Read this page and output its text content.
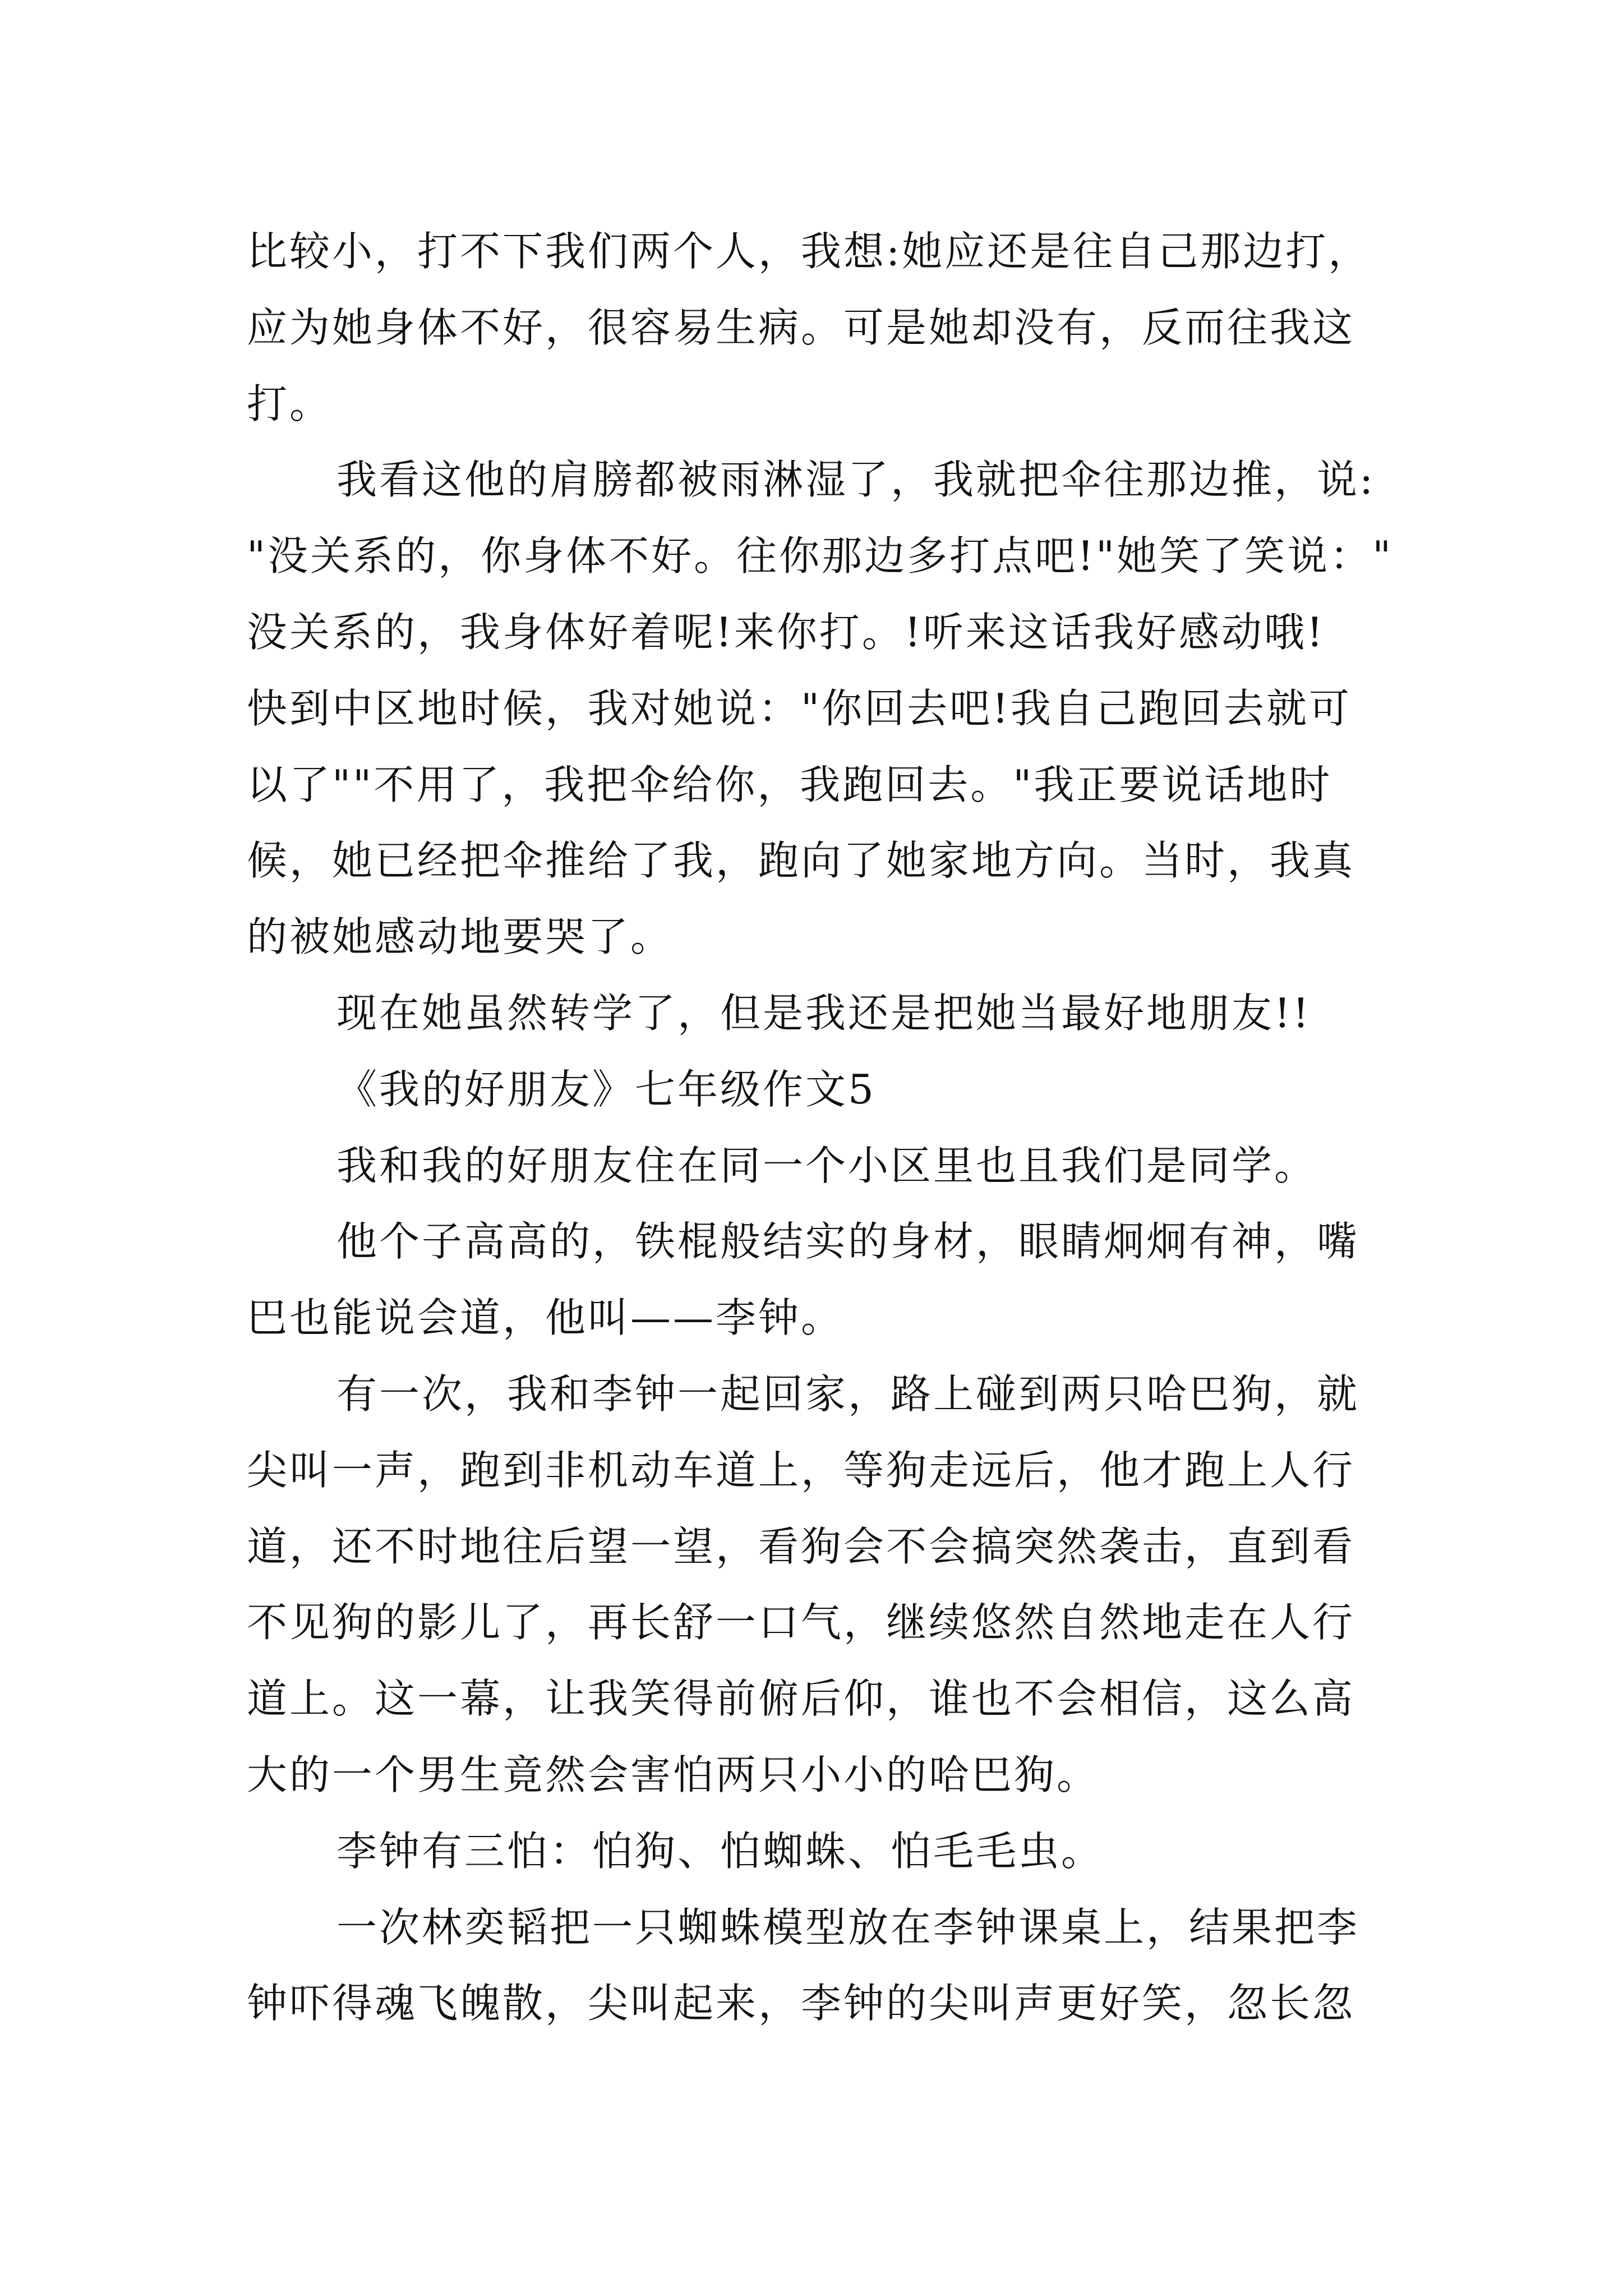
比较小，打不下我们两个人，我想:她应还是往自己那边打，
应为她身体不好，很容易生病。可是她却没有，反而往我这
打。
我看这他的肩膀都被雨淋湿了，我就把伞往那边推，说:
"没关系的，你身体不好。往你那边多打点吧!"她笑了笑说："
没关系的，我身体好着呢!来你打。!听来这话我好感动哦!
快到中区地时候，我对她说："你回去吧!我自己跑回去就可
以了""不用了，我把伞给你，我跑回去。"我正要说话地时
候，她已经把伞推给了我，跑向了她家地方向。当时，我真
的被她感动地要哭了。
现在她虽然转学了，但是我还是把她当最好地朋友!!
《我的好朋友》七年级作文5
我和我的好朋友住在同一个小区里也且我们是同学。
他个子高高的，铁棍般结实的身材，眼睛炯炯有神，嘴
巴也能说会道，他叫——李钟。
有一次，我和李钟一起回家，路上碰到两只哈巴狗，就
尖叫一声，跑到非机动车道上，等狗走远后，他才跑上人行
道，还不时地往后望一望，看狗会不会搞突然袭击，直到看
不见狗的影儿了，再长舒一口气，继续悠然自然地走在人行
道上。这一幕，让我笑得前俯后仰，谁也不会相信，这么高
大的一个男生竟然会害怕两只小小的哈巴狗。
李钟有三怕：怕狗、怕蜘蛛、怕毛毛虫。
一次林奕韬把一只蜘蛛模型放在李钟课桌上，结果把李
钟吓得魂飞魄散，尖叫起来，李钟的尖叫声更好笑，忽长忽
